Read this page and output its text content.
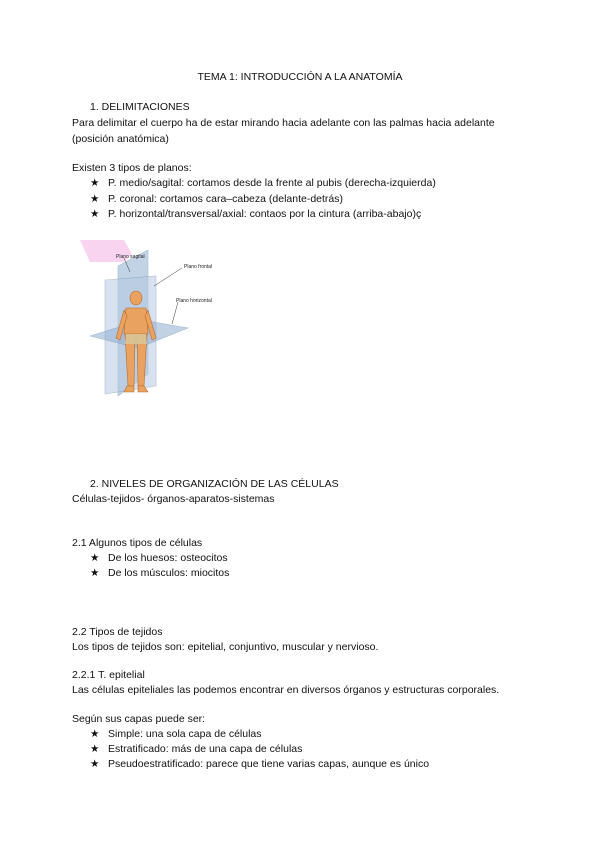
TEMA 1: INTRODUCCIÓN A LA ANATOMÍA
1. DELIMITACIONES
Para delimitar el cuerpo ha de estar mirando hacia adelante con las palmas hacia adelante
(posición anatómica)
Existen 3 tipos de planos:
★ P. medio/sagital: cortamos desde la frente al pubis (derecha-izquierda)
★ P. coronal: cortamos cara–cabeza (delante-detrás)
★ P. horizontal/transversal/axial: contaos por la cintura (arriba-abajo)ç
Plano sagital
Plano frontal
Plano horizontal
2. NIVELES DE ORGANIZACIÓN DE LAS CÉLULAS
Células-tejidos- órganos-aparatos-sistemas
2.1 Algunos tipos de células
★ De los huesos: osteocitos
★ De los músculos: miocitos
2.2 Tipos de tejidos
Los tipos de tejidos son: epitelial, conjuntivo, muscular y nervioso.
2.2.1 T. epitelial
Las células epiteliales las podemos encontrar en diversos órganos y estructuras corporales.
Según sus capas puede ser:
★ Simple: una sola capa de células
★ Estratificado: más de una capa de células
★ Pseudoestratificado: parece que tiene varias capas, aunque es único
